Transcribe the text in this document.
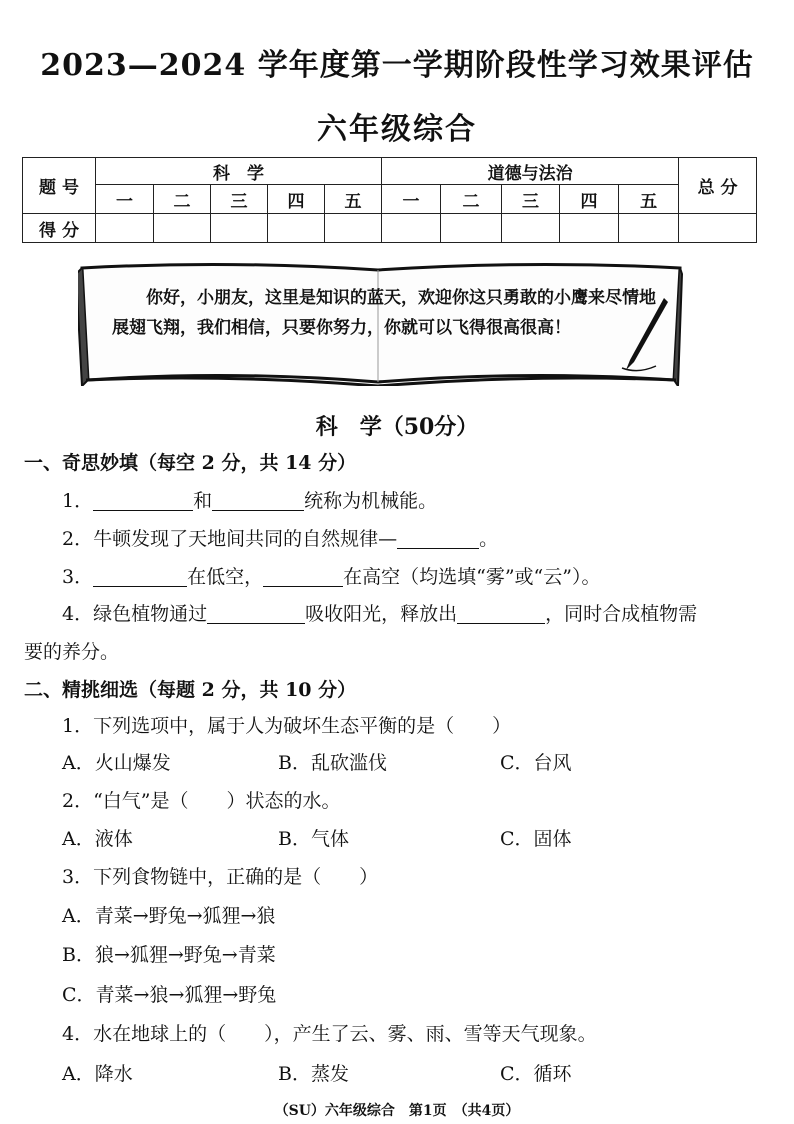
2023—2024 学年度第一学期阶段性学习效果评估
六年级综合
题 号	科　学					道德与法治					总 分
	一	二	三	四	五	一	二	三	四	五	
得 分											
你好，小朋友，这里是知识的蓝天，欢迎你这只勇敢的小鹰来尽情地展翅飞翔，我们相信，只要你努力，你就可以飞得很高很高！
科　学（50分）
一、奇思妙填（每空 2 分，共 14 分）
1．	和	统称为机械能。
2．牛顿发现了天地间共同的自然规律—	。
3．	在低空，	在高空（均选填“雾”或“云”）。
4．绿色植物通过	吸收阳光，释放出	，同时合成植物需
要的养分。
二、精挑细选（每题 2 分，共 10 分）
1．下列选项中，属于人为破坏生态平衡的是（　　）
A．火山爆发	B．乱砍滥伐	C．台风
2．“白气”是（　　）状态的水。
A．液体	B．气体	C．固体
3．下列食物链中，正确的是（　　）
A．青菜→野兔→狐狸→狼
B．狼→狐狸→野兔→青菜
C．青菜→狼→狐狸→野兔
4．水在地球上的（　　），产生了云、雾、雨、雪等天气现象。
A．降水	B．蒸发	C．循环
（SU）六年级综合　第1页　（共4页）
